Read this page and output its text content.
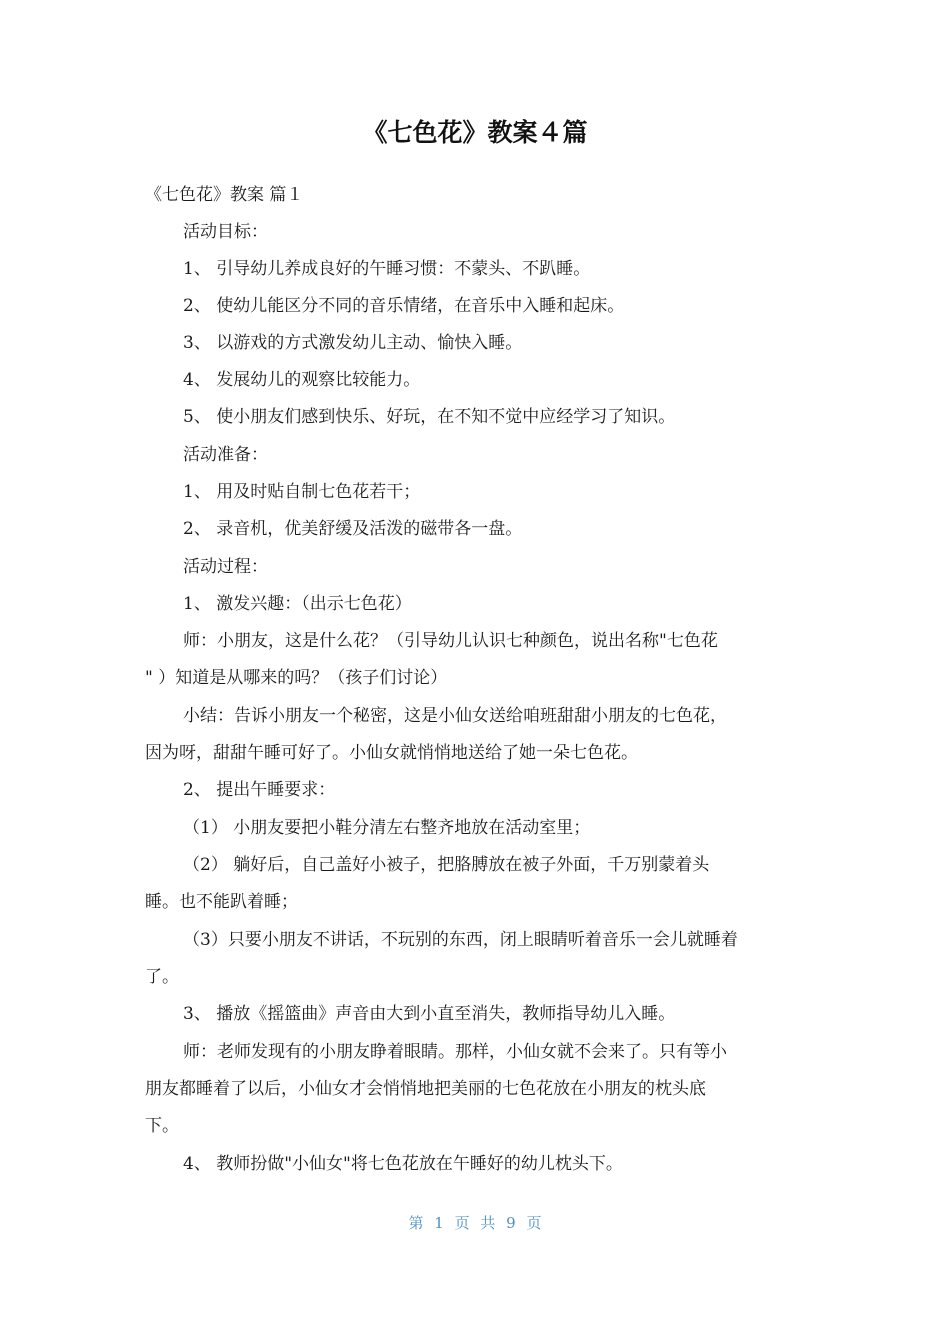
《七色花》教案４篇
《七色花》教案 篇１
活动目标：
1、 引导幼儿养成良好的午睡习惯：不蒙头、不趴睡。
2、 使幼儿能区分不同的音乐情绪，在音乐中入睡和起床。
3、 以游戏的方式激发幼儿主动、愉快入睡。
4、 发展幼儿的观察比较能力。
5、 使小朋友们感到快乐、好玩，在不知不觉中应经学习了知识。
活动准备：
1、 用及时贴自制七色花若干；
2、 录音机，优美舒缓及活泼的磁带各一盘。
活动过程：
1、 激发兴趣：（出示七色花）
师：小朋友，这是什么花？（引导幼儿认识七种颜色，说出名称"七色花
" ）知道是从哪来的吗？（孩子们讨论）
小结：告诉小朋友一个秘密，这是小仙女送给咱班甜甜小朋友的七色花，
因为呀，甜甜午睡可好了。小仙女就悄悄地送给了她一朵七色花。
2、 提出午睡要求：
（1） 小朋友要把小鞋分清左右整齐地放在活动室里；
（2） 躺好后，自己盖好小被子，把胳膊放在被子外面，千万别蒙着头
睡。也不能趴着睡；
（3）只要小朋友不讲话，不玩别的东西，闭上眼睛听着音乐一会儿就睡着
了。
3、 播放《摇篮曲》声音由大到小直至消失，教师指导幼儿入睡。
师：老师发现有的小朋友睁着眼睛。那样，小仙女就不会来了。只有等小
朋友都睡着了以后，小仙女才会悄悄地把美丽的七色花放在小朋友的枕头底
下。
4、 教师扮做"小仙女"将七色花放在午睡好的幼儿枕头下。
第 1 页 共 9 页
